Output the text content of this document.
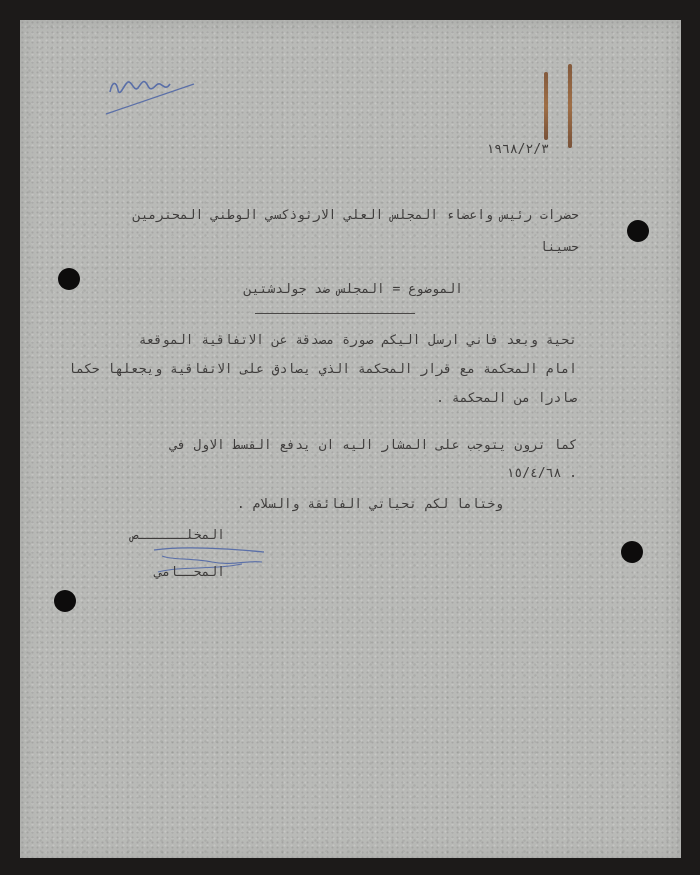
١٩٦٨/٢/٣
حضرات رئيس واعضاء المجلس العلي الارثوذكسي الوطني المحترمين
حسينا
الموضوع = المجلس ضد جولدشتين
تحية وبعد فاني ارسل اليكم صورة مصدقة عن الاتفاقية الموقعة
امام المحكمة مع قرار المحكمة الذي يصادق على الاتفاقية ويجعلها حكما
صادرا من المحكمة .
كما ترون يتوجب على المشار اليه ان يدفع القسط الاول في
١٥/٤/٦٨ .
وختاما لكم تحياتي الفائقة والسلام .
المخلــــــص
المحــامي
